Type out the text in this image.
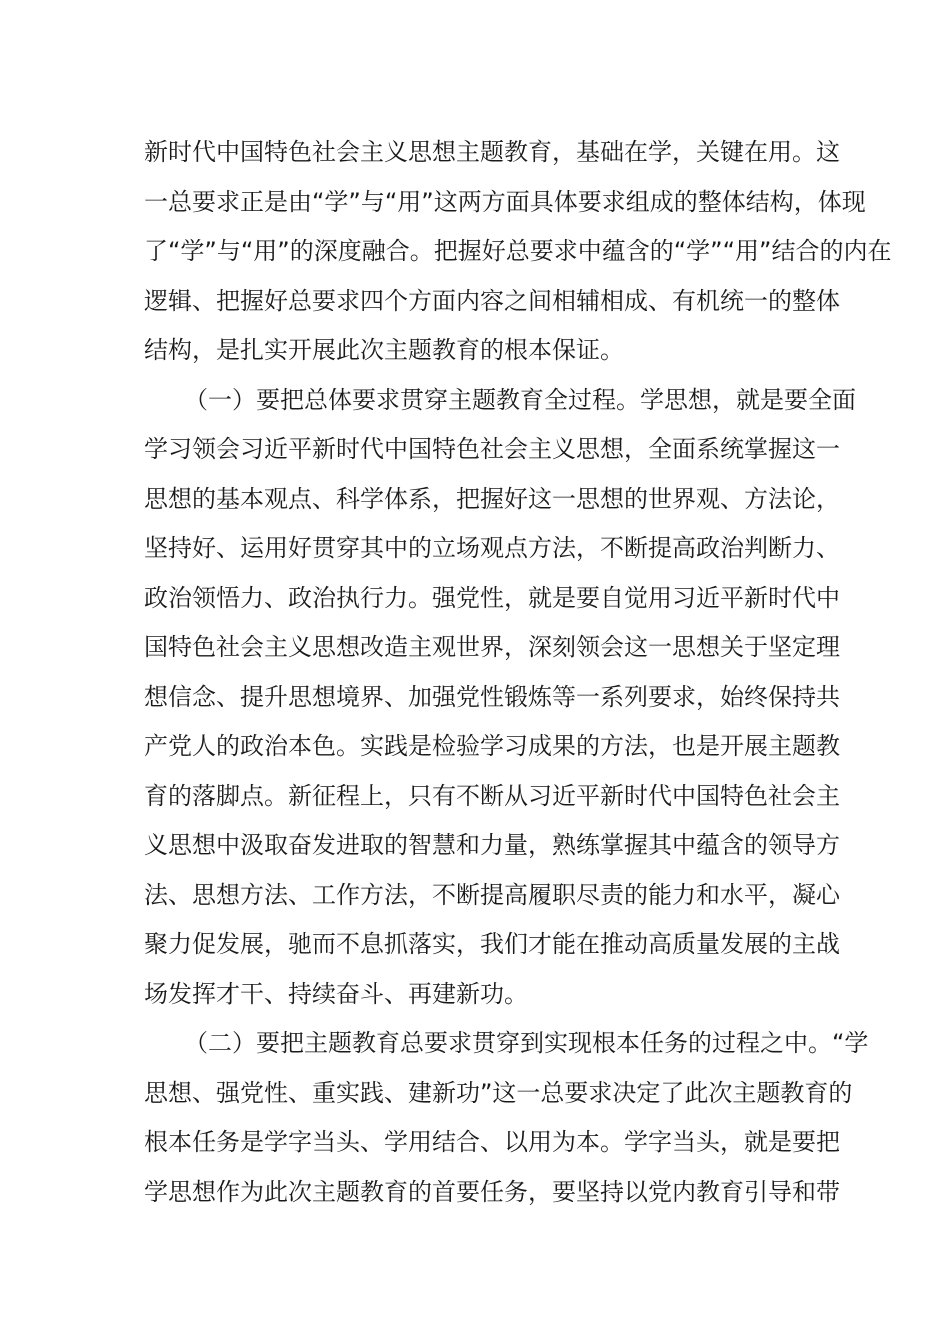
新时代中国特色社会主义思想主题教育，基础在学，关键在用。这
一总要求正是由“学”与“用”这两方面具体要求组成的整体结构，体现
了“学”与“用”的深度融合。把握好总要求中蕴含的“学”“用”结合的内在
逻辑、把握好总要求四个方面内容之间相辅相成、有机统一的整体
结构，是扎实开展此次主题教育的根本保证。
（一）要把总体要求贯穿主题教育全过程。学思想，就是要全面
学习领会习近平新时代中国特色社会主义思想，全面系统掌握这一
思想的基本观点、科学体系，把握好这一思想的世界观、方法论，
坚持好、运用好贯穿其中的立场观点方法，不断提高政治判断力、
政治领悟力、政治执行力。强党性，就是要自觉用习近平新时代中
国特色社会主义思想改造主观世界，深刻领会这一思想关于坚定理
想信念、提升思想境界、加强党性锻炼等一系列要求，始终保持共
产党人的政治本色。实践是检验学习成果的方法，也是开展主题教
育的落脚点。新征程上，只有不断从习近平新时代中国特色社会主
义思想中汲取奋发进取的智慧和力量，熟练掌握其中蕴含的领导方
法、思想方法、工作方法，不断提高履职尽责的能力和水平，凝心
聚力促发展，驰而不息抓落实，我们才能在推动高质量发展的主战
场发挥才干、持续奋斗、再建新功。
（二）要把主题教育总要求贯穿到实现根本任务的过程之中。“学
思想、强党性、重实践、建新功”这一总要求决定了此次主题教育的
根本任务是学字当头、学用结合、以用为本。学字当头，就是要把
学思想作为此次主题教育的首要任务，要坚持以党内教育引导和带
